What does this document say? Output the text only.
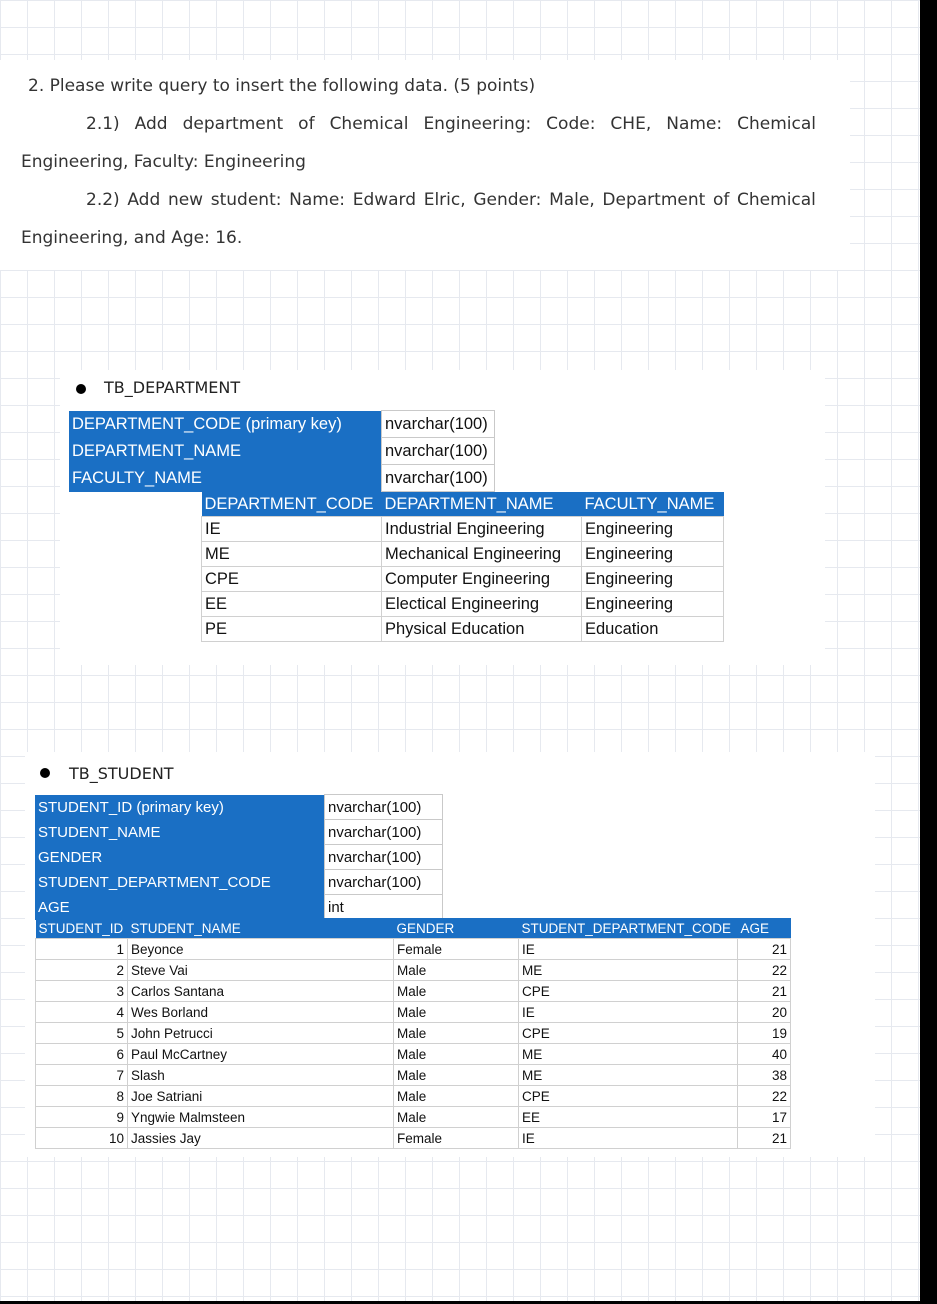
2. Please write query to insert the following data. (5 points)
2.1) Add department of Chemical Engineering: Code: CHE, Name: Chemical
Engineering, Faculty: Engineering
2.2) Add new student: Name: Edward Elric, Gender: Male, Department of Chemical
Engineering, and Age: 16.
TB_DEPARTMENT
DEPARTMENT_CODE (primary key)	nvarchar(100)
DEPARTMENT_NAME	nvarchar(100)
FACULTY_NAME	nvarchar(100)
DEPARTMENT_CODE	DEPARTMENT_NAME	FACULTY_NAME
IE	Industrial Engineering	Engineering
ME	Mechanical Engineering	Engineering
CPE	Computer Engineering	Engineering
EE	Electical Engineering	Engineering
PE	Physical Education	Education
TB_STUDENT
STUDENT_ID (primary key)	nvarchar(100)
STUDENT_NAME	nvarchar(100)
GENDER	nvarchar(100)
STUDENT_DEPARTMENT_CODE	nvarchar(100)
AGE	int
STUDENT_ID	STUDENT_NAME	GENDER	STUDENT_DEPARTMENT_CODE	AGE
1	Beyonce	Female	IE	21
2	Steve Vai	Male	ME	22
3	Carlos Santana	Male	CPE	21
4	Wes Borland	Male	IE	20
5	John Petrucci	Male	CPE	19
6	Paul McCartney	Male	ME	40
7	Slash	Male	ME	38
8	Joe Satriani	Male	CPE	22
9	Yngwie Malmsteen	Male	EE	17
10	Jassies Jay	Female	IE	21
